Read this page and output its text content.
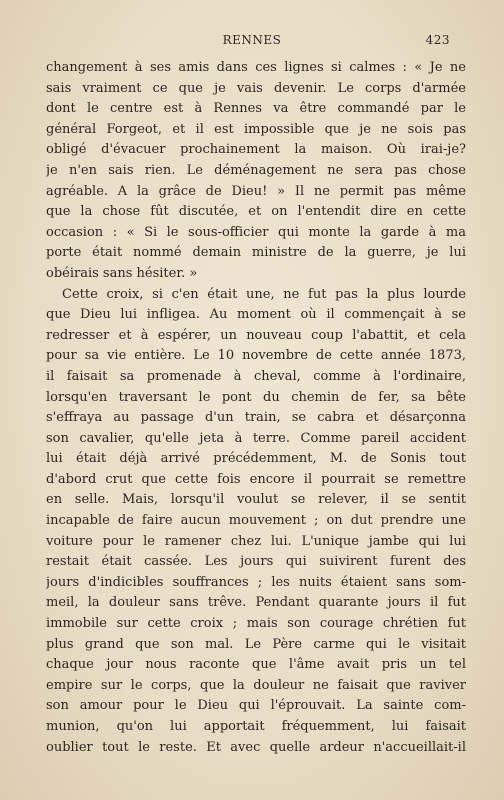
RENNES	423
changement à ses amis dans ces lignes si calmes : « Je ne
sais vraiment ce que je vais devenir. Le corps d'armée
dont le centre est à Rennes va être commandé par le
général Forgeot, et il est impossible que je ne sois pas
obligé d'évacuer prochainement la maison. Où irai-je?
je n'en sais rien. Le déménagement ne sera pas chose
agréable. A la grâce de Dieu! » Il ne permit pas même
que la chose fût discutée, et on l'entendit dire en cette
occasion : « Si le sous-officier qui monte la garde à ma
porte était nommé demain ministre de la guerre, je lui
obéirais sans hésiter. »
Cette croix, si c'en était une, ne fut pas la plus lourde
que Dieu lui infligea. Au moment où il commençait à se
redresser et à espérer, un nouveau coup l'abattit, et cela
pour sa vie entière. Le 10 novembre de cette année 1873,
il faisait sa promenade à cheval, comme à l'ordinaire,
lorsqu'en traversant le pont du chemin de fer, sa bête
s'effraya au passage d'un train, se cabra et désarçonna
son cavalier, qu'elle jeta à terre. Comme pareil accident
lui était déjà arrivé précédemment, M. de Sonis tout
d'abord crut que cette fois encore il pourrait se remettre
en selle. Mais, lorsqu'il voulut se relever, il se sentit
incapable de faire aucun mouvement ; on dut prendre une
voiture pour le ramener chez lui. L'unique jambe qui lui
restait était cassée. Les jours qui suivirent furent des
jours d'indicibles souffrances ; les nuits étaient sans som-
meil, la douleur sans trêve. Pendant quarante jours il fut
immobile sur cette croix ; mais son courage chrétien fut
plus grand que son mal. Le Père carme qui le visitait
chaque jour nous raconte que l'âme avait pris un tel
empire sur le corps, que la douleur ne faisait que raviver
son amour pour le Dieu qui l'éprouvait. La sainte com-
munion, qu'on lui apportait fréquemment, lui faisait
oublier tout le reste. Et avec quelle ardeur n'accueillait-il
